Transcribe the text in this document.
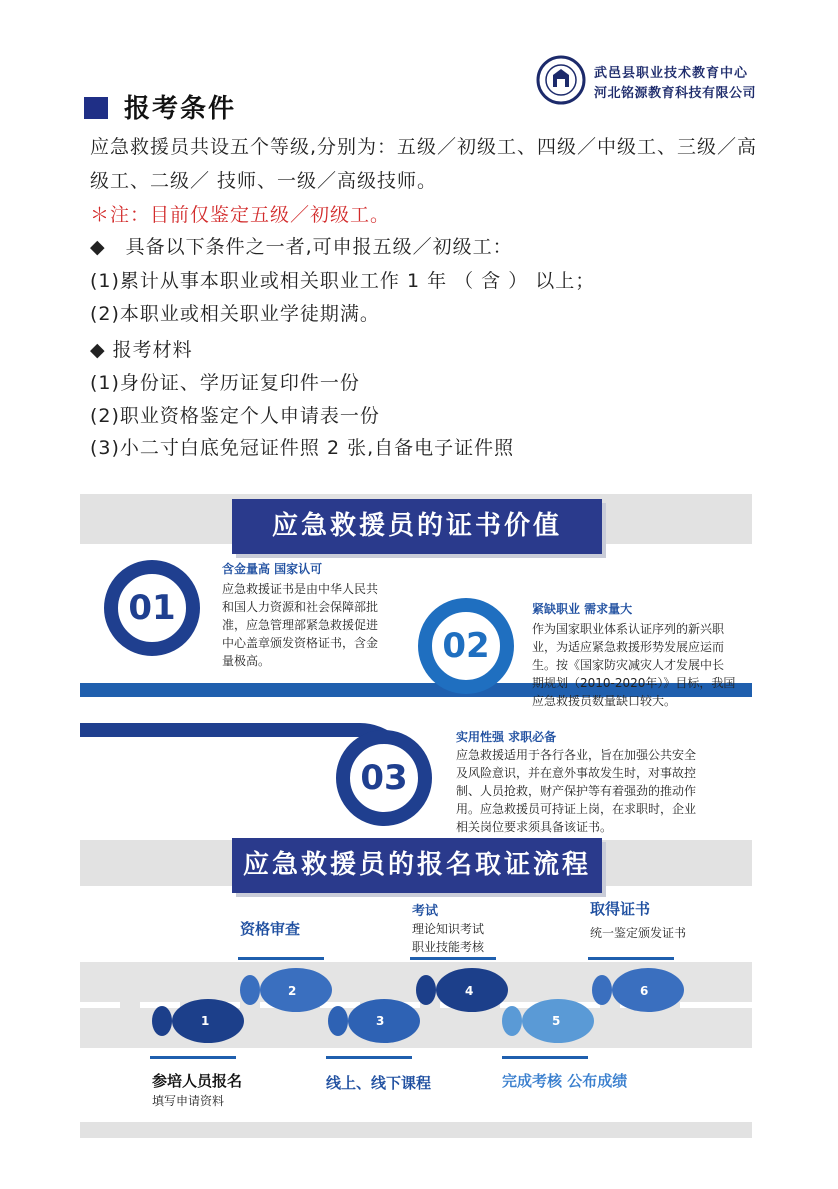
武邑县职业技术教育中心
河北铭源教育科技有限公司
报考条件
应急救援员共设五个等级,分别为：五级／初级工、四级／中级工、三级／高
级工、二级／ 技师、一级／高级技师。
＊注：目前仅鉴定五级／初级工。
◆　具备以下条件之一者,可申报五级／初级工：
(1)累计从事本职业或相关职业工作 1 年 （ 含 ） 以上；
(2)本职业或相关职业学徒期满。
◆ 报考材料
(1)身份证、学历证复印件一份
(2)职业资格鉴定个人申请表一份
(3)小二寸白底免冠证件照 2 张,自备电子证件照
应急救援员的证书价值
01
02
03
含金量高 国家认可
应急救援证书是由中华人民共
和国人力资源和社会保障部批
准，应急管理部紧急救援促进
中心盖章颁发资格证书，含金
量极高。
紧缺职业 需求量大
作为国家职业体系认证序列的新兴职
业，为适应紧急救援形势发展应运而
生。按《国家防灾减灾人才发展中长
期规划（2010-2020年）》目标，我国
应急救援员数量缺口较大。
实用性强 求职必备
应急救援适用于各行各业，旨在加强公共安全
及风险意识，并在意外事故发生时，对事故控
制、人员抢救，财产保护等有着强劲的推动作
用。应急救援员可持证上岗，在求职时，企业
相关岗位要求须具备该证书。
应急救援员的报名取证流程
资格审查
考试
理论知识考试
职业技能考核
取得证书
统一鉴定颁发证书
1
2
3
4
5
6
参培人员报名
填写申请资料
线上、线下课程	完成考核 公布成绩
